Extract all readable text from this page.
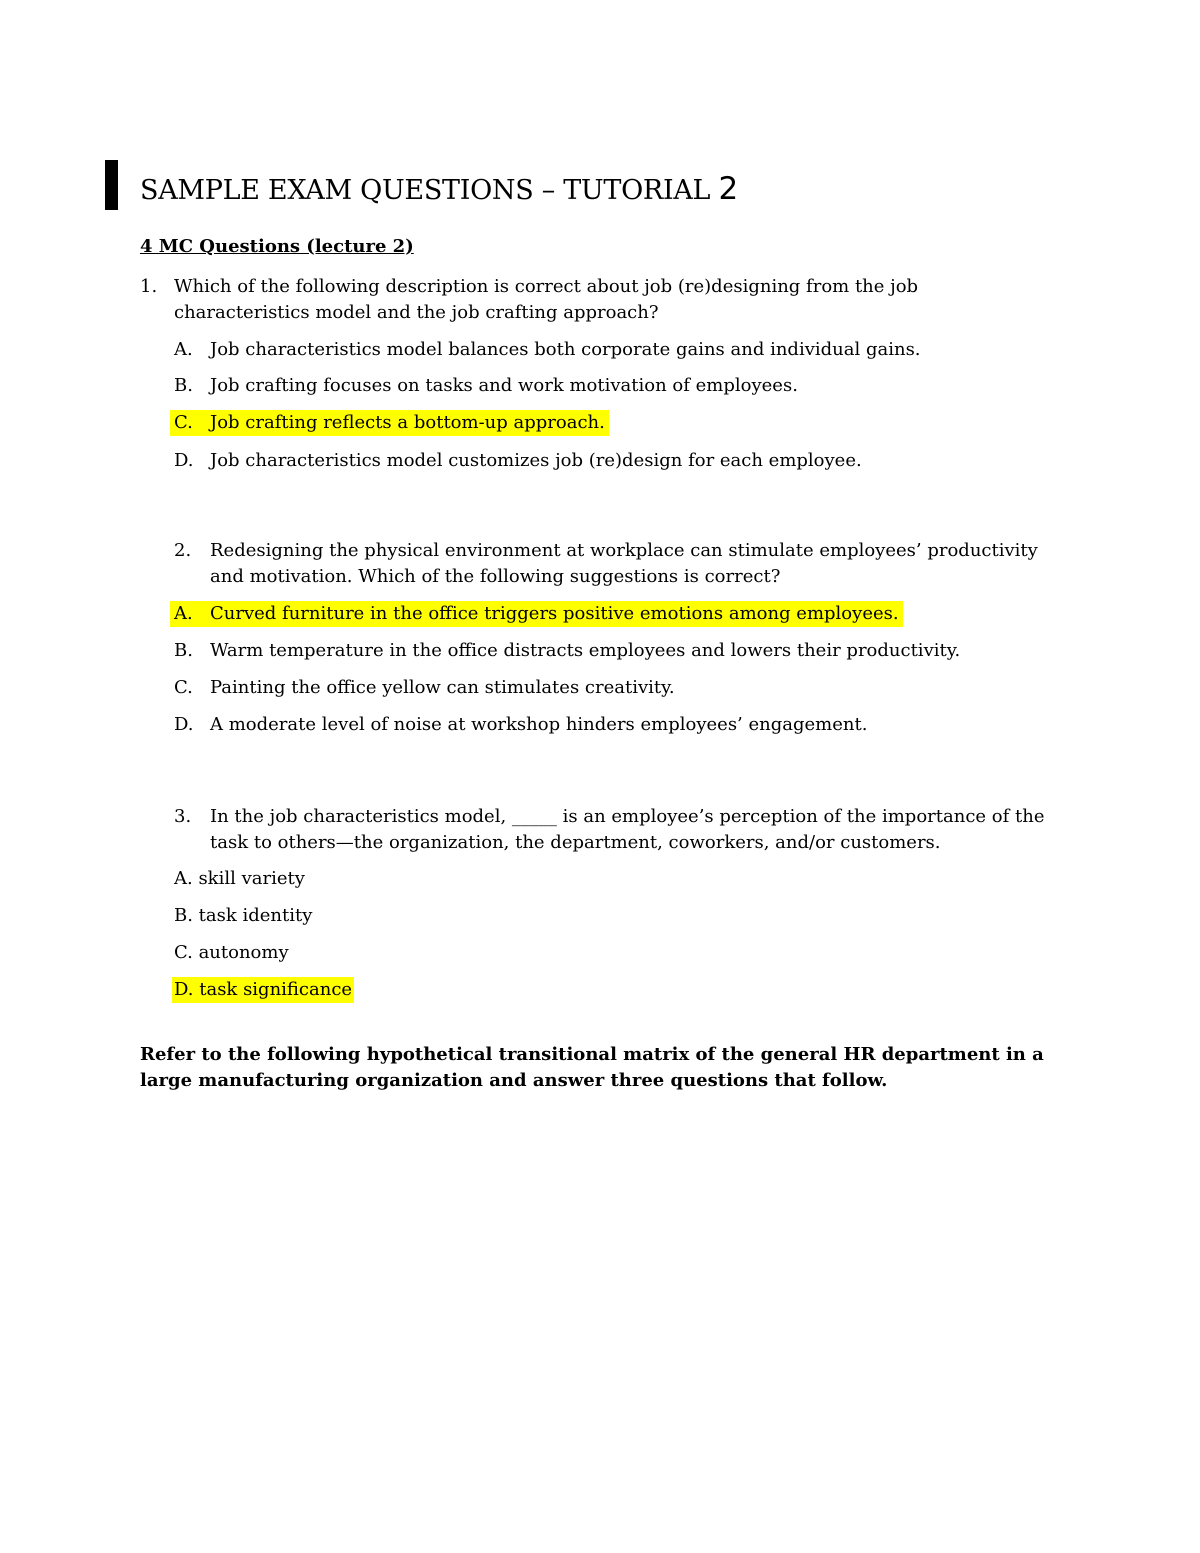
SAMPLE EXAM QUESTIONS – TUTORIAL 2
4 MC Questions (lecture 2)
1. Which of the following description is correct about job (re)designing from the job
characteristics model and the job crafting approach?
A. Job characteristics model balances both corporate gains and individual gains.
B. Job crafting focuses on tasks and work motivation of employees.
C. Job crafting reflects a bottom-up approach.
D. Job characteristics model customizes job (re)design for each employee.
2. Redesigning the physical environment at workplace can stimulate employees’ productivity
and motivation. Which of the following suggestions is correct?
A. Curved furniture in the office triggers positive emotions among employees.
B. Warm temperature in the office distracts employees and lowers their productivity.
C. Painting the office yellow can stimulates creativity.
D. A moderate level of noise at workshop hinders employees’ engagement.
3. In the job characteristics model, _____ is an employee’s perception of the importance of the
task to others—the organization, the department, coworkers, and/or customers.
A. skill variety
B. task identity
C. autonomy
D. task significance
Refer to the following hypothetical transitional matrix of the general HR department in a
large manufacturing organization and answer three questions that follow.
